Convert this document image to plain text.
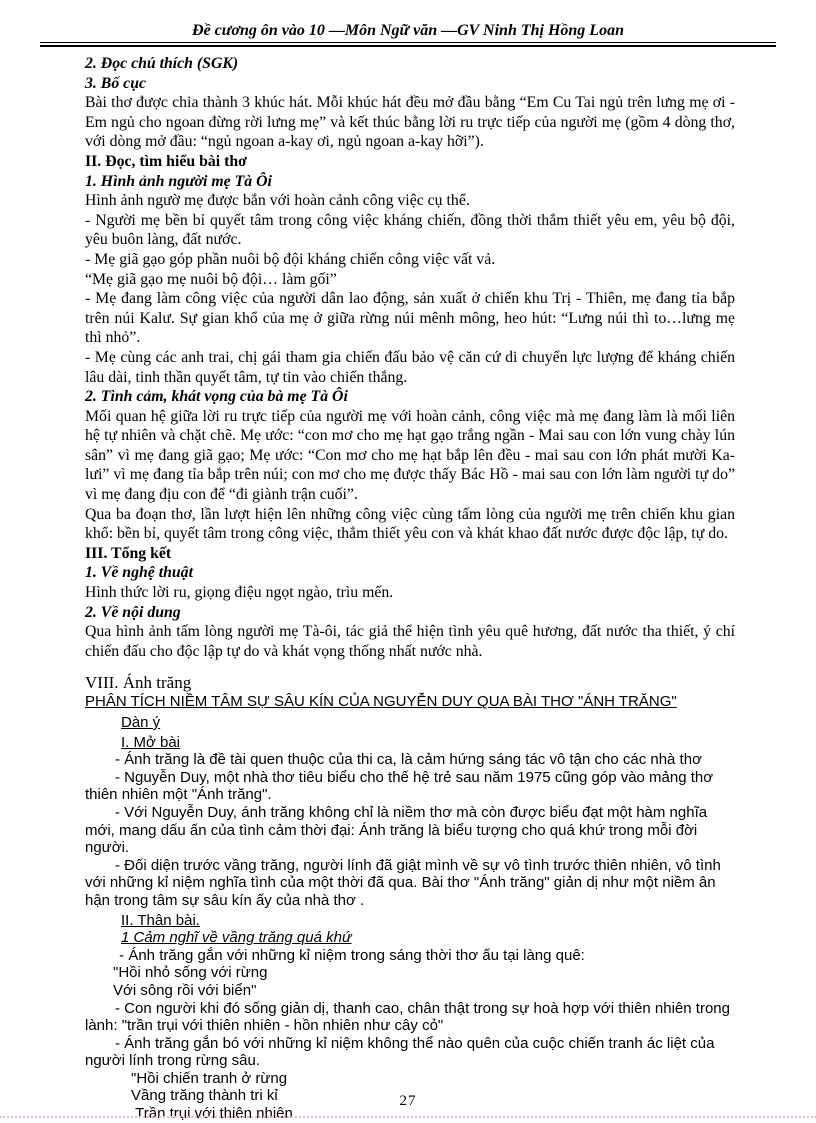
Đề cương ôn vào 10 —Môn Ngữ văn —GV Ninh Thị Hồng Loan

2. Đọc chú thích (SGK)

3. Bố cục

Bài thơ được chia thành 3 khúc hát. Mỗi khúc hát đều mở đầu bằng “Em Cu Tai ngủ trên lưng mẹ ơi - Em ngủ cho ngoan đừng rời lưng mẹ” và kết thúc bằng lời ru trực tiếp của người mẹ (gồm 4 dòng thơ, với dòng mở đầu: “ngủ ngoan a-kay ơi, ngủ ngoan a-kay hỡi”).

II. Đọc, tìm hiểu bài thơ

1. Hình ảnh người mẹ Tà Ôi

Hình ảnh ngườ mẹ được bắn với hoàn cảnh công việc cụ thể.

- Người mẹ bền bỉ quyết tâm trong công việc kháng chiến, đồng thời thắm thiết yêu em, yêu bộ đội, yêu buôn làng, đất nước.

- Mẹ giã gạo góp phần nuôi bộ đội kháng chiến công việc vất vả.

“Mẹ giã gạo mẹ nuôi bộ đội… làm gối”

- Mẹ đang làm công việc của người dân lao động, sản xuất ở chiến khu Trị - Thiên, mẹ đang tỉa bắp trên núi Kalư. Sự gian khổ của mẹ ở giữa rừng núi mênh mông, heo hút: “Lưng núi thì to…lưng mẹ thì nhỏ”.

- Mẹ cùng các anh trai, chị gái tham gia chiến đấu bảo vệ căn cứ di chuyển lực lượng để kháng chiến lâu dài, tinh thần quyết tâm, tự tin vào chiến thắng.

2. Tình cảm, khát vọng của bà mẹ Tà Ôi

Mối quan hệ giữa lời ru trực tiếp của người mẹ với hoàn cảnh, công việc mà mẹ đang làm là mối liên hệ tự nhiên và chặt chẽ. Mẹ ước: “con mơ cho mẹ hạt gạo trắng ngần - Mai sau con lớn vung chày lún sân” vì mẹ đang giã gạo; Mẹ ước: “Con mơ cho mẹ hạt bắp lên đều - mai sau con lớn phát mười Ka-lưi” vì mẹ đang tỉa bắp trên núi; con mơ cho mẹ được thấy Bác Hồ - mai sau con lớn làm người tự do” vì mẹ đang địu con để “đi giành trận cuối”.

Qua ba đoạn thơ, lần lượt hiện lên những công việc cùng tấm lòng của người mẹ trên chiến khu gian khổ: bền bỉ, quyết tâm trong công việc, thắm thiết yêu con và khát khao đất nước được độc lập, tự do.

III. Tổng kết

1. Về nghệ thuật

Hình thức lời ru, giọng điệu ngọt ngào, trìu mến.

2. Về nội dung

Qua hình ảnh tấm lòng người mẹ Tà-ôi, tác giả thể hiện tình yêu quê hương, đất nước tha thiết, ý chí chiến đấu cho độc lập tự do và khát vọng thống nhất nước nhà.

VIII. Ánh trăng

PHÂN TÍCH NIỀM TÂM SỰ SÂU KÍN CỦA NGUYỄN DUY QUA BÀI THƠ "ÁNH TRĂNG"

Dàn ý

I. Mở bài

- Ánh trăng là đề tài quen thuộc của thi ca, là cảm hứng sáng tác vô tận cho các nhà thơ

- Nguyễn Duy, một nhà thơ tiêu biểu cho thế hệ trẻ sau năm 1975 cũng góp vào mảng thơ thiên nhiên một "Ánh trăng".

- Với Nguyễn Duy, ánh trăng không chỉ là niềm thơ mà còn được biểu đạt một hàm nghĩa mới, mang dấu ấn của tình cảm thời đại: Ánh trăng là biểu tượng cho quá khứ trong mỗi đời người.

- Đối diện trước vầng trăng, người lính đã giật mình về sự vô tình trước thiên nhiên, vô tình với những kỉ niệm nghĩa tình của một thời đã qua. Bài thơ "Ánh trăng" giản dị như một niềm ân hận trong tâm sự sâu kín ấy của nhà thơ .

II. Thân bài.

1 Cảm nghĩ về vầng trăng quá khứ

- Ánh trăng gắn với những kỉ niệm trong sáng thời thơ ấu tại làng quê:

"Hồi nhỏ sống với rừng

Với sông rồi với biển"

- Con người khi đó sống giản dị, thanh cao, chân thật trong sự hoà hợp với thiên nhiên trong lành: "trần trụi với thiên nhiên - hồn nhiên như cây cỏ"

- Ánh trăng gắn bó với những kỉ niệm không thể nào quên của cuộc chiến tranh ác liệt của người lính trong rừng sâu.

"Hồi chiến tranh ở rừng

Vầng trăng thành tri kỉ

Trần trụi với thiên nhiên

27
